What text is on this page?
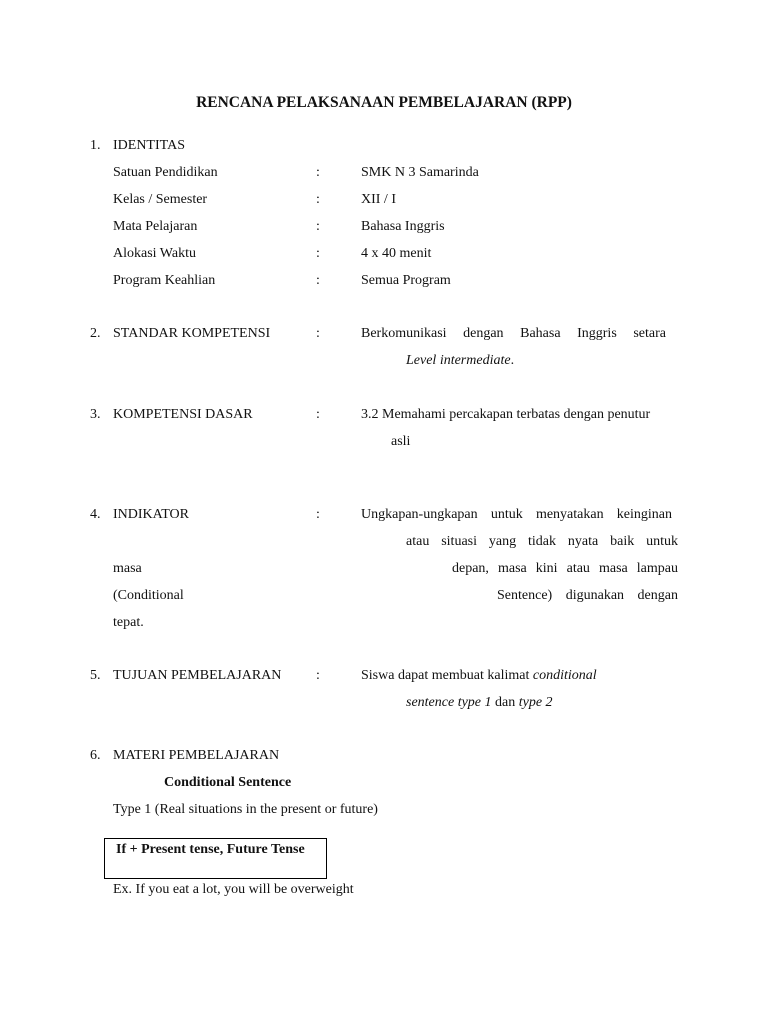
RENCANA PELAKSANAAN PEMBELAJARAN (RPP)
1. IDENTITAS
Satuan Pendidikan	:	SMK N 3 Samarinda
Kelas / Semester	:	XII / I
Mata Pelajaran	:	Bahasa Inggris
Alokasi Waktu	:	4 x 40 menit
Program Keahlian	:	Semua Program
2. STANDAR KOMPETENSI	:	Berkomunikasi dengan Bahasa Inggris setara
Level intermediate.
3. KOMPETENSI DASAR	:	3.2 Memahami percakapan terbatas dengan penutur
asli
4. INDIKATOR	:	Ungkapan-ungkapan untuk menyatakan keinginan
atau situasi yang tidak nyata baik untuk
masa	depan, masa kini atau masa lampau
(Conditional	Sentence) digunakan dengan
tepat.
5. TUJUAN PEMBELAJARAN :	Siswa dapat membuat kalimat conditional
sentence type 1 dan type 2
6. MATERI PEMBELAJARAN
Conditional Sentence
Type 1 (Real situations in the present or future)
If + Present tense, Future Tense
Ex. If you eat a lot, you will be overweight
